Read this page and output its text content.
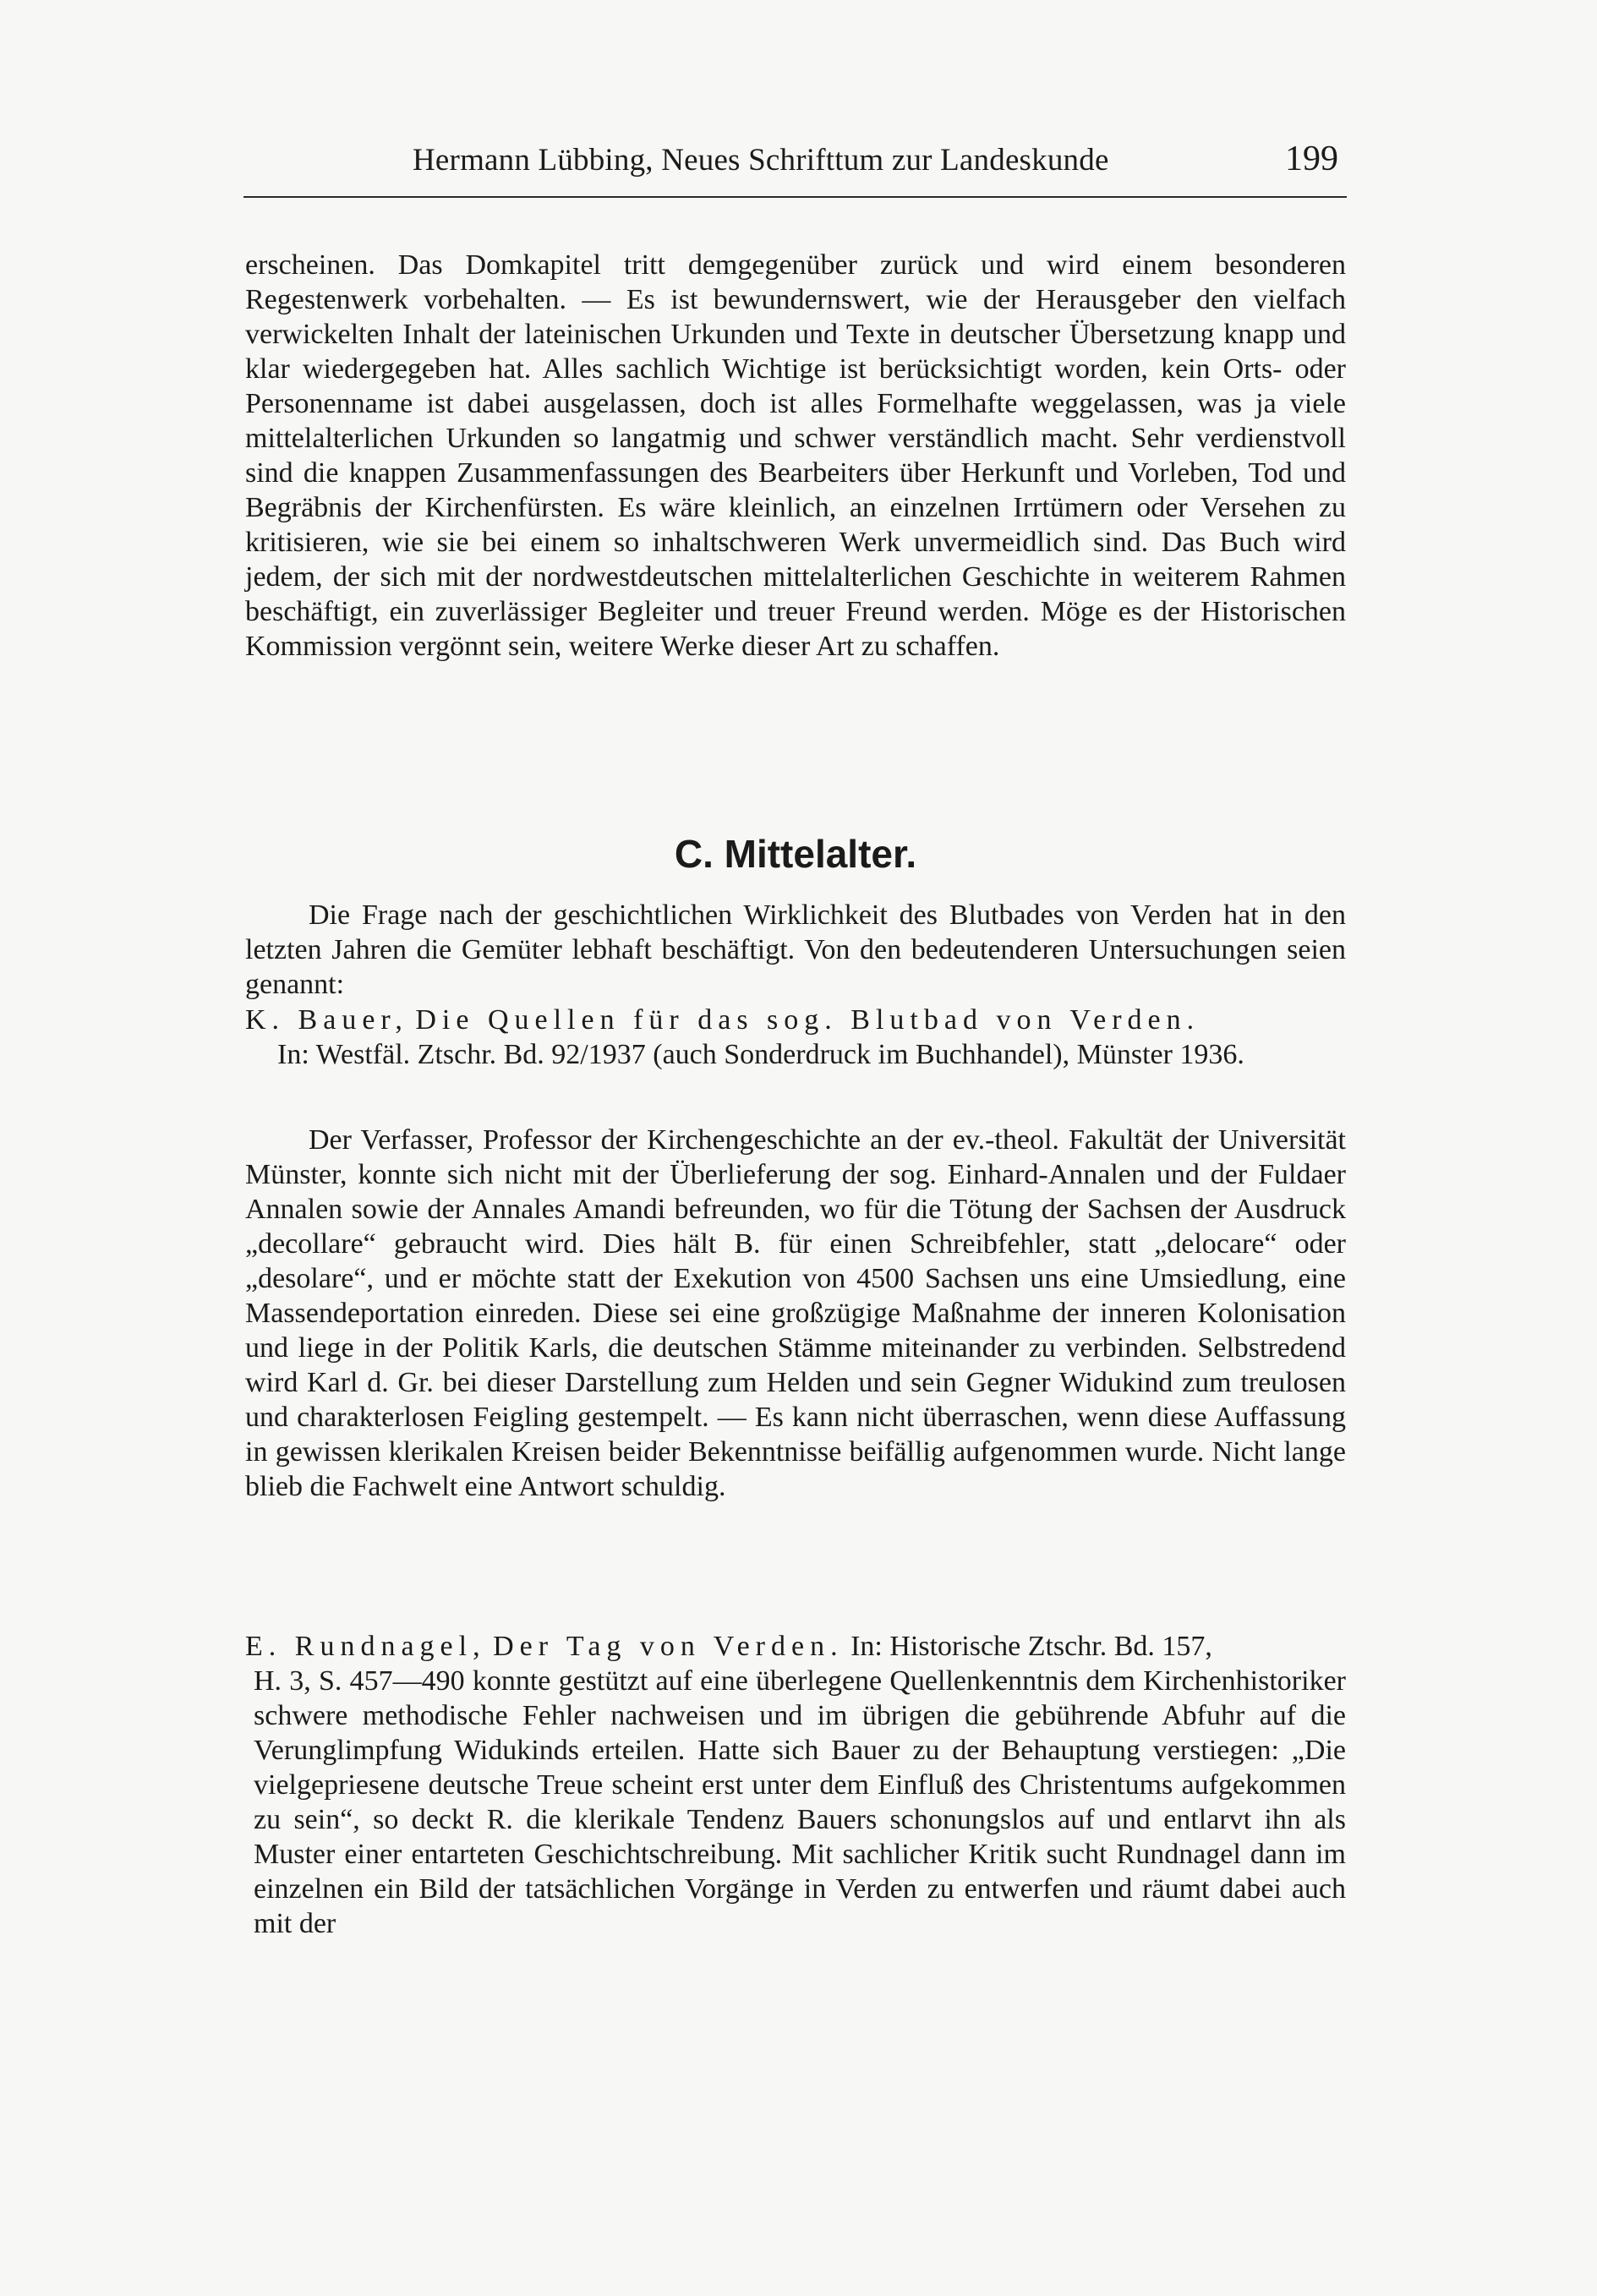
Hermann Lübbing, Neues Schrifttum zur Landeskunde	199

erscheinen. Das Domkapitel tritt demgegenüber zurück und wird einem besonderen Regestenwerk vorbehalten. — Es ist bewundernswert, wie der Herausgeber den vielfach verwickelten Inhalt der lateinischen Urkunden und Texte in deutscher Übersetzung knapp und klar wiedergegeben hat. Alles sachlich Wichtige ist berücksichtigt worden, kein Orts- oder Personenname ist dabei ausgelassen, doch ist alles Formelhafte weggelassen, was ja viele mittelalterlichen Urkunden so langatmig und schwer verständlich macht. Sehr verdienstvoll sind die knappen Zusammenfassungen des Bearbeiters über Herkunft und Vorleben, Tod und Begräbnis der Kirchenfürsten. Es wäre kleinlich, an einzelnen Irrtümern oder Versehen zu kritisieren, wie sie bei einem so inhaltschweren Werk unvermeidlich sind. Das Buch wird jedem, der sich mit der nordwestdeutschen mittelalterlichen Geschichte in weiterem Rahmen beschäftigt, ein zuverlässiger Begleiter und treuer Freund werden. Möge es der Historischen Kommission vergönnt sein, weitere Werke dieser Art zu schaffen.

C. Mittelalter.

Die Frage nach der geschichtlichen Wirklichkeit des Blutbades von Verden hat in den letzten Jahren die Gemüter lebhaft beschäftigt. Von den bedeutenderen Untersuchungen seien genannt:

K. Bauer, Die Quellen für das sog. Blutbad von Verden.
In: Westfäl. Ztschr. Bd. 92/1937 (auch Sonderdruck im Buchhandel), Münster 1936.

Der Verfasser, Professor der Kirchengeschichte an der ev.-theol. Fakultät der Universität Münster, konnte sich nicht mit der Überlieferung der sog. Einhard-Annalen und der Fuldaer Annalen sowie der Annales Amandi befreunden, wo für die Tötung der Sachsen der Ausdruck „decollare“ gebraucht wird. Dies hält B. für einen Schreibfehler, statt „delocare“ oder „desolare“, und er möchte statt der Exekution von 4500 Sachsen uns eine Umsiedlung, eine Massendeportation einreden. Diese sei eine großzügige Maßnahme der inneren Kolonisation und liege in der Politik Karls, die deutschen Stämme miteinander zu verbinden. Selbstredend wird Karl d. Gr. bei dieser Darstellung zum Helden und sein Gegner Widukind zum treulosen und charakterlosen Feigling gestempelt. — Es kann nicht überraschen, wenn diese Auffassung in gewissen klerikalen Kreisen beider Bekenntnisse beifällig aufgenommen wurde. Nicht lange blieb die Fachwelt eine Antwort schuldig.

E. Rundnagel, Der Tag von Verden. In: Historische Ztschr. Bd. 157,
H. 3, S. 457—490 konnte gestützt auf eine überlegene Quellenkenntnis dem Kirchenhistoriker schwere methodische Fehler nachweisen und im übrigen die gebührende Abfuhr auf die Verunglimpfung Widukinds erteilen. Hatte sich Bauer zu der Behauptung verstiegen: „Die vielgepriesene deutsche Treue scheint erst unter dem Einfluß des Christentums aufgekommen zu sein“, so deckt R. die klerikale Tendenz Bauers schonungslos auf und entlarvt ihn als Muster einer entarteten Geschichtschreibung. Mit sachlicher Kritik sucht Rundnagel dann im einzelnen ein Bild der tatsächlichen Vorgänge in Verden zu entwerfen und räumt dabei auch mit der
